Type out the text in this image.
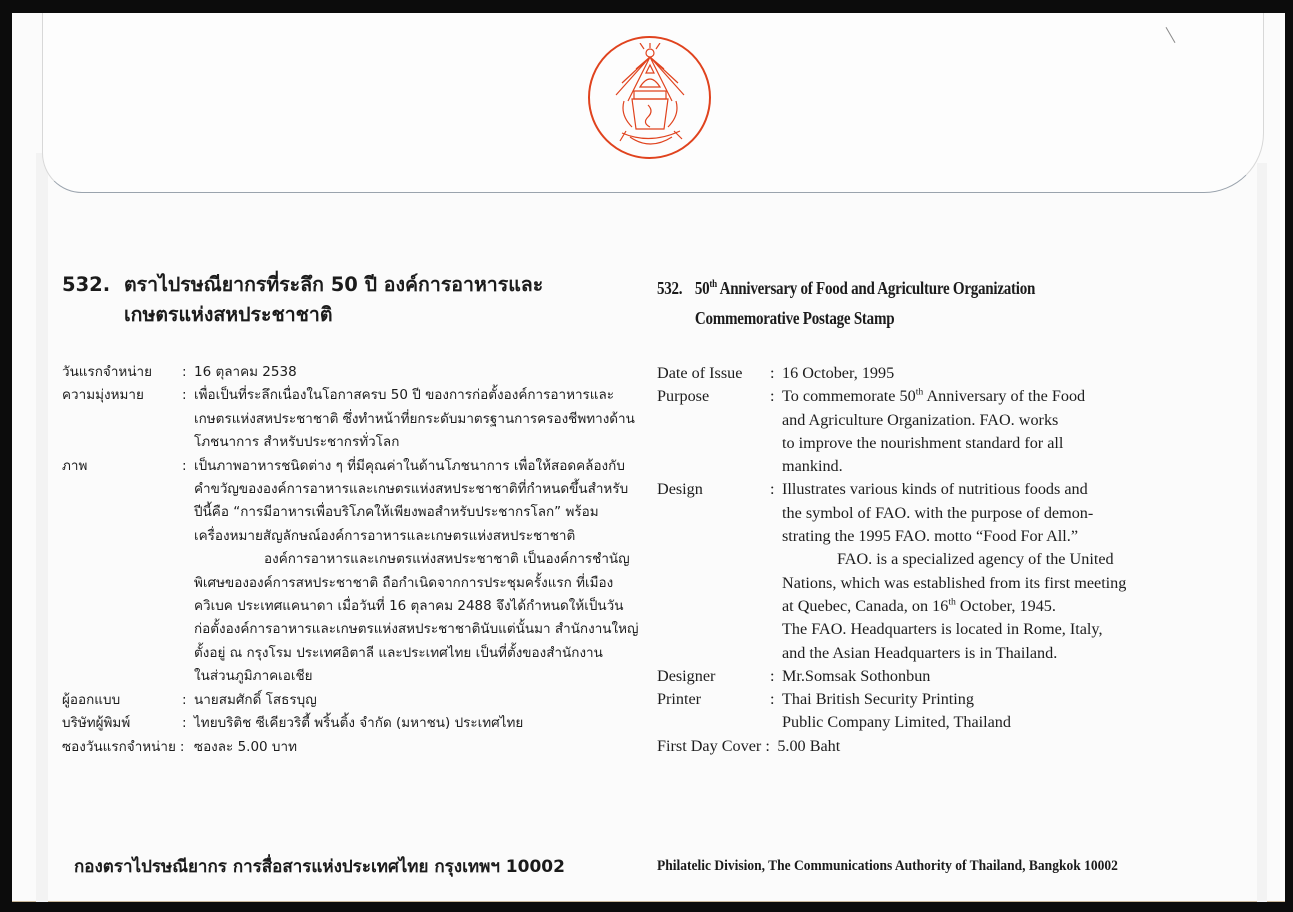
532. ตราไปรษณียากรที่ระลึก 50 ปี องค์การอาหารและ
เกษตรแห่งสหประชาชาติ
วันแรกจำหน่าย	: 16 ตุลาคม 2538

ความมุ่งหมาย	: เพื่อเป็นที่ระลึกเนื่องในโอกาสครบ 50 ปี ของการก่อตั้งองค์การอาหารและ

เกษตรแห่งสหประชาชาติ ซึ่งทำหน้าที่ยกระดับมาตรฐานการครองชีพทางด้าน

โภชนาการ สำหรับประชากรทั่วโลก

ภาพ	: เป็นภาพอาหารชนิดต่าง ๆ ที่มีคุณค่าในด้านโภชนาการ เพื่อให้สอดคล้องกับ

คำขวัญขององค์การอาหารและเกษตรแห่งสหประชาชาติที่กำหนดขึ้นสำหรับ

ปีนี้คือ “การมีอาหารเพื่อบริโภคให้เพียงพอสำหรับประชากรโลก” พร้อม

เครื่องหมายสัญลักษณ์องค์การอาหารและเกษตรแห่งสหประชาชาติ

องค์การอาหารและเกษตรแห่งสหประชาชาติ เป็นองค์การชำนัญ

พิเศษขององค์การสหประชาชาติ ถือกำเนิดจากการประชุมครั้งแรก ที่เมือง

ควิเบค ประเทศแคนาดา เมื่อวันที่ 16 ตุลาคม 2488 จึงได้กำหนดให้เป็นวัน

ก่อตั้งองค์การอาหารและเกษตรแห่งสหประชาชาตินับแต่นั้นมา สำนักงานใหญ่

ตั้งอยู่ ณ กรุงโรม ประเทศอิตาลี และประเทศไทย เป็นที่ตั้งของสำนักงาน

ในส่วนภูมิภาคเอเชีย

ผู้ออกแบบ	: นายสมศักดิ์ โสธรบุญ

บริษัทผู้พิมพ์	: ไทยบริติช ซีเคียวริตี้ พริ้นติ้ง จำกัด (มหาชน) ประเทศไทย

ซองวันแรกจำหน่าย : ซองละ 5.00 บาท

กองตราไปรษณียากร การสื่อสารแห่งประเทศไทย กรุงเทพฯ 10002
532. 50th Anniversary of Food and Agriculture Organization
Commemorative Postage Stamp
Date of Issue	: 16 October, 1995

Purpose	: To commemorate 50th Anniversary of the Food

and Agriculture Organization. FAO. works

to improve the nourishment standard for all

mankind.

Design	: Illustrates various kinds of nutritious foods and

the symbol of FAO. with the purpose of demon-

strating the 1995 FAO. motto “Food For All.”

FAO. is a specialized agency of the United

Nations, which was established from its first meeting

at Quebec, Canada, on 16th October, 1945.

The FAO. Headquarters is located in Rome, Italy,

and the Asian Headquarters is in Thailand.

Designer	: Mr.Somsak Sothonbun

Printer	: Thai British Security Printing

Public Company Limited, Thailand

First Day Cover : 5.00 Baht

Philatelic Division, The Communications Authority of Thailand, Bangkok 10002
